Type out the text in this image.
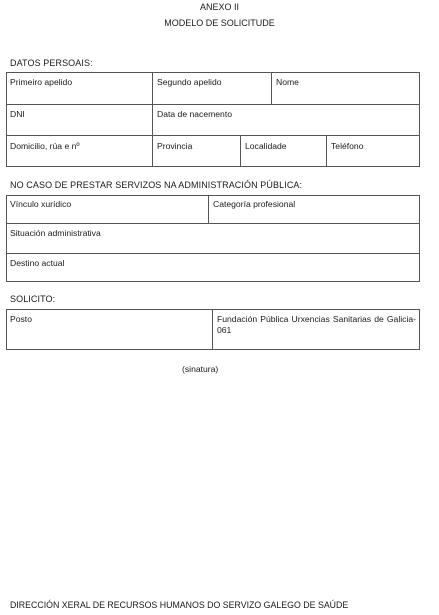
ANEXO II
MODELO DE SOLICITUDE
DATOS PERSOAIS:
Primeiro apelido	Segundo apelido	Nome
DNI	Data de nacemento
Domicilio, rúa e nº	Provincia	Localidade	Teléfono
NO CASO DE PRESTAR SERVIZOS NA ADMINISTRACIÓN PÚBLICA:
Vínculo xurídico	Categoría profesional
Situación administrativa
Destino actual
SOLICITO:
Posto	Fundación Pública Urxencias Sanitarias de Galicia-061
(sinatura)
DIRECCIÓN XERAL DE RECURSOS HUMANOS DO SERVIZO GALEGO DE SAÚDE
